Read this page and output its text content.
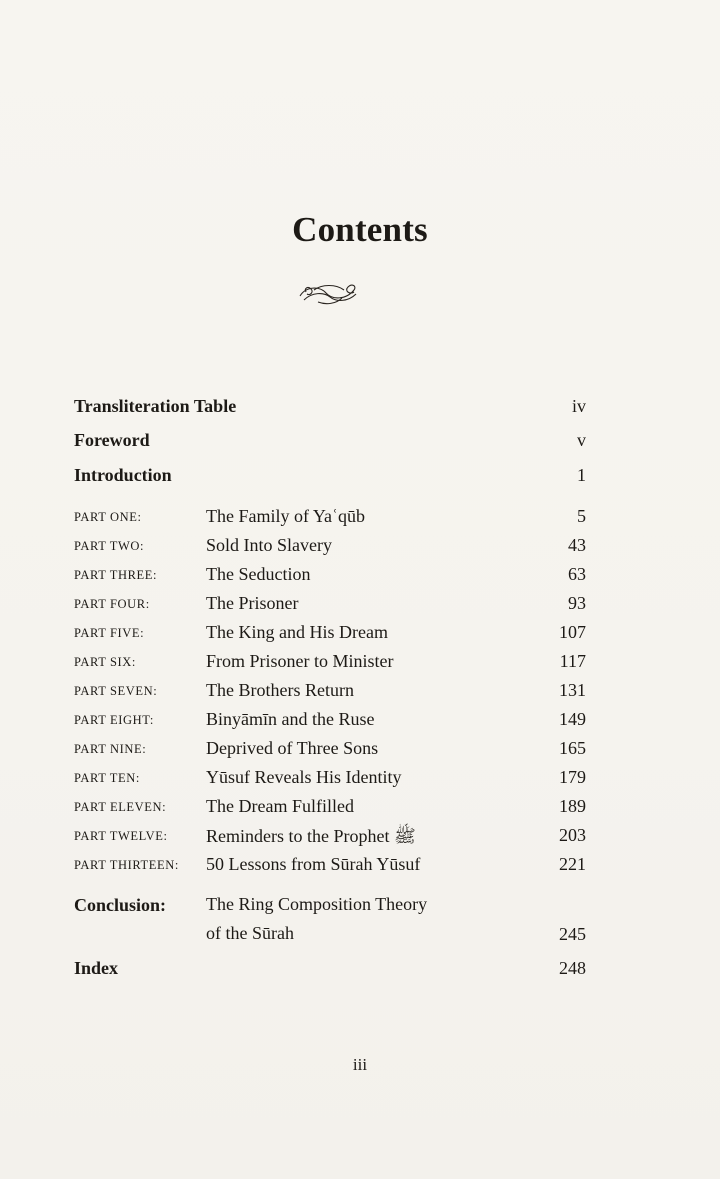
Contents
Transliteration Table	iv
Foreword	v
Introduction	1
PART ONE:	The Family of Yaʿqūb	5
PART TWO:	Sold Into Slavery	43
PART THREE:	The Seduction	63
PART FOUR:	The Prisoner	93
PART FIVE:	The King and His Dream	107
PART SIX:	From Prisoner to Minister	117
PART SEVEN:	The Brothers Return	131
PART EIGHT:	Binyāmīn and the Ruse	149
PART NINE:	Deprived of Three Sons	165
PART TEN:	Yūsuf Reveals His Identity	179
PART ELEVEN: The Dream Fulfilled	189
PART TWELVE: Reminders to the Prophet ﷺ	203
PART THIRTEEN: 50 Lessons from Sūrah Yūsuf	221
Conclusion: The Ring Composition Theory
of the Sūrah	245
Index	248
iii
